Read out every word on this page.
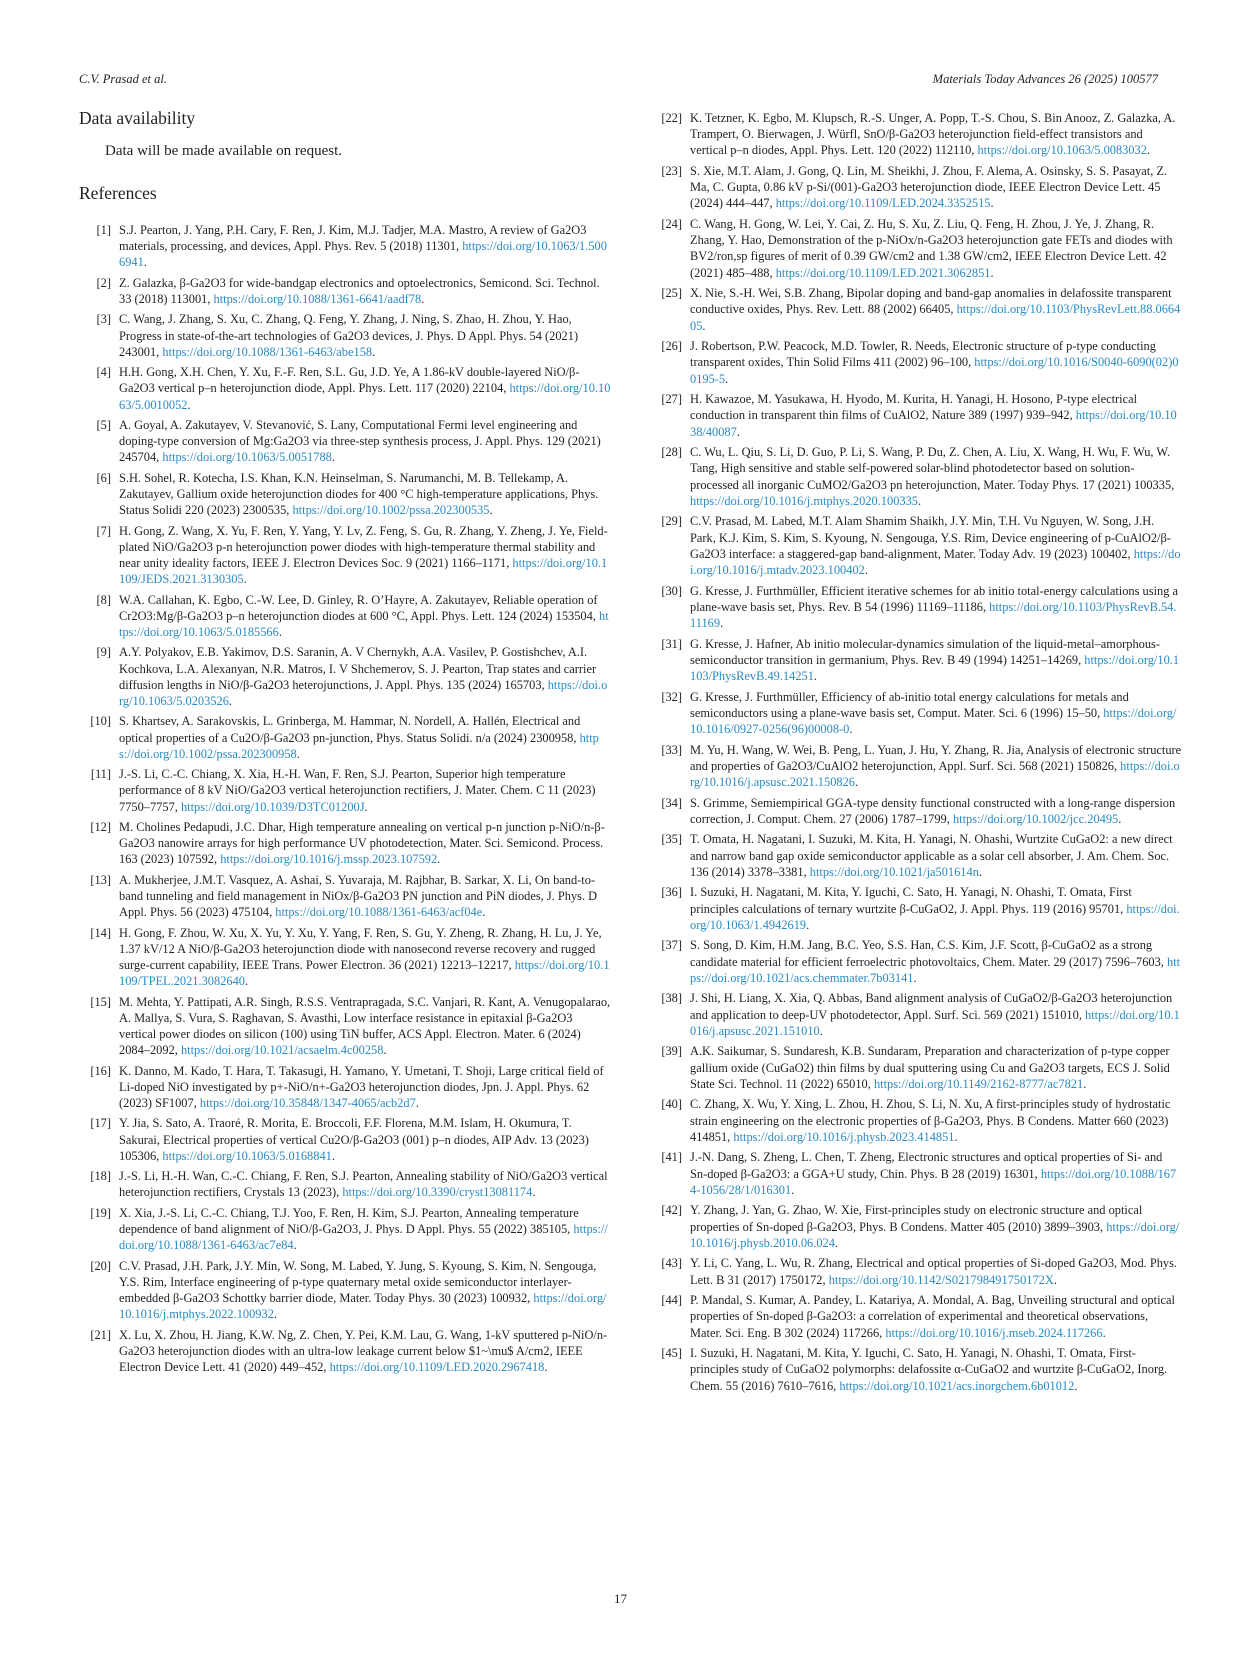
C.V. Prasad et al.	Materials Today Advances 26 (2025) 100577
Data availability

Data will be made available on request.

References
[1] S.J. Pearton, J. Yang, P.H. Cary, F. Ren, J. Kim, M.J. Tadjer, M.A. Mastro, A review of Ga2O3 materials, processing, and devices, Appl. Phys. Rev. 5 (2018) 11301, https://doi.org/10.1063/1.5006941.
[2] Z. Galazka, β-Ga2O3 for wide-bandgap electronics and optoelectronics, Semicond. Sci. Technol. 33 (2018) 113001, https://doi.org/10.1088/1361-6641/aadf78.
[3] C. Wang, J. Zhang, S. Xu, C. Zhang, Q. Feng, Y. Zhang, J. Ning, S. Zhao, H. Zhou, Y. Hao, Progress in state-of-the-art technologies of Ga2O3 devices, J. Phys. D Appl. Phys. 54 (2021) 243001, https://doi.org/10.1088/1361-6463/abe158.
[4] H.H. Gong, X.H. Chen, Y. Xu, F.-F. Ren, S.L. Gu, J.D. Ye, A 1.86-kV double-layered NiO/β-Ga2O3 vertical p–n heterojunction diode, Appl. Phys. Lett. 117 (2020) 22104, https://doi.org/10.1063/5.0010052.
[5] A. Goyal, A. Zakutayev, V. Stevanović, S. Lany, Computational Fermi level engineering and doping-type conversion of Mg:Ga2O3 via three-step synthesis process, J. Appl. Phys. 129 (2021) 245704, https://doi.org/10.1063/5.0051788.
[6] S.H. Sohel, R. Kotecha, I.S. Khan, K.N. Heinselman, S. Narumanchi, M. B. Tellekamp, A. Zakutayev, Gallium oxide heterojunction diodes for 400 °C high-temperature applications, Phys. Status Solidi 220 (2023) 2300535, https://doi.org/10.1002/pssa.202300535.
[7] H. Gong, Z. Wang, X. Yu, F. Ren, Y. Yang, Y. Lv, Z. Feng, S. Gu, R. Zhang, Y. Zheng, J. Ye, Field-plated NiO/Ga2O3 p-n heterojunction power diodes with high-temperature thermal stability and near unity ideality factors, IEEE J. Electron Devices Soc. 9 (2021) 1166–1171, https://doi.org/10.1109/JEDS.2021.3130305.
[8] W.A. Callahan, K. Egbo, C.-W. Lee, D. Ginley, R. O’Hayre, A. Zakutayev, Reliable operation of Cr2O3:Mg/β-Ga2O3 p–n heterojunction diodes at 600 °C, Appl. Phys. Lett. 124 (2024) 153504, https://doi.org/10.1063/5.0185566.
[9] A.Y. Polyakov, E.B. Yakimov, D.S. Saranin, A. V Chernykh, A.A. Vasilev, P. Gostishchev, A.I. Kochkova, L.A. Alexanyan, N.R. Matros, I. V Shchemerov, S. J. Pearton, Trap states and carrier diffusion lengths in NiO/β-Ga2O3 heterojunctions, J. Appl. Phys. 135 (2024) 165703, https://doi.org/10.1063/5.0203526.
[10] S. Khartsev, A. Sarakovskis, L. Grinberga, M. Hammar, N. Nordell, A. Hallén, Electrical and optical properties of a Cu2O/β-Ga2O3 pn-junction, Phys. Status Solidi. n/a (2024) 2300958, https://doi.org/10.1002/pssa.202300958.
[11] J.-S. Li, C.-C. Chiang, X. Xia, H.-H. Wan, F. Ren, S.J. Pearton, Superior high temperature performance of 8 kV NiO/Ga2O3 vertical heterojunction rectifiers, J. Mater. Chem. C 11 (2023) 7750–7757, https://doi.org/10.1039/D3TC01200J.
[12] M. Cholines Pedapudi, J.C. Dhar, High temperature annealing on vertical p-n junction p-NiO/n-β-Ga2O3 nanowire arrays for high performance UV photodetection, Mater. Sci. Semicond. Process. 163 (2023) 107592, https://doi.org/10.1016/j.mssp.2023.107592.
[13] A. Mukherjee, J.M.T. Vasquez, A. Ashai, S. Yuvaraja, M. Rajbhar, B. Sarkar, X. Li, On band-to-band tunneling and field management in NiOx/β-Ga2O3 PN junction and PiN diodes, J. Phys. D Appl. Phys. 56 (2023) 475104, https://doi.org/10.1088/1361-6463/acf04e.
[14] H. Gong, F. Zhou, W. Xu, X. Yu, Y. Xu, Y. Yang, F. Ren, S. Gu, Y. Zheng, R. Zhang, H. Lu, J. Ye, 1.37 kV/12 A NiO/β-Ga2O3 heterojunction diode with nanosecond reverse recovery and rugged surge-current capability, IEEE Trans. Power Electron. 36 (2021) 12213–12217, https://doi.org/10.1109/TPEL.2021.3082640.
[15] M. Mehta, Y. Pattipati, A.R. Singh, R.S.S. Ventrapragada, S.C. Vanjari, R. Kant, A. Venugopalarao, A. Mallya, S. Vura, S. Raghavan, S. Avasthi, Low interface resistance in epitaxial β-Ga2O3 vertical power diodes on silicon (100) using TiN buffer, ACS Appl. Electron. Mater. 6 (2024) 2084–2092, https://doi.org/10.1021/acsaelm.4c00258.
[16] K. Danno, M. Kado, T. Hara, T. Takasugi, H. Yamano, Y. Umetani, T. Shoji, Large critical field of Li-doped NiO investigated by p+-NiO/n+-Ga2O3 heterojunction diodes, Jpn. J. Appl. Phys. 62 (2023) SF1007, https://doi.org/10.35848/1347-4065/acb2d7.
[17] Y. Jia, S. Sato, A. Traoré, R. Morita, E. Broccoli, F.F. Florena, M.M. Islam, H. Okumura, T. Sakurai, Electrical properties of vertical Cu2O/β-Ga2O3 (001) p–n diodes, AIP Adv. 13 (2023) 105306, https://doi.org/10.1063/5.0168841.
[18] J.-S. Li, H.-H. Wan, C.-C. Chiang, F. Ren, S.J. Pearton, Annealing stability of NiO/Ga2O3 vertical heterojunction rectifiers, Crystals 13 (2023), https://doi.org/10.3390/cryst13081174.
[19] X. Xia, J.-S. Li, C.-C. Chiang, T.J. Yoo, F. Ren, H. Kim, S.J. Pearton, Annealing temperature dependence of band alignment of NiO/β-Ga2O3, J. Phys. D Appl. Phys. 55 (2022) 385105, https://doi.org/10.1088/1361-6463/ac7e84.
[20] C.V. Prasad, J.H. Park, J.Y. Min, W. Song, M. Labed, Y. Jung, S. Kyoung, S. Kim, N. Sengouga, Y.S. Rim, Interface engineering of p-type quaternary metal oxide semiconductor interlayer-embedded β-Ga2O3 Schottky barrier diode, Mater. Today Phys. 30 (2023) 100932, https://doi.org/10.1016/j.mtphys.2022.100932.
[21] X. Lu, X. Zhou, H. Jiang, K.W. Ng, Z. Chen, Y. Pei, K.M. Lau, G. Wang, 1-kV sputtered p-NiO/n-Ga2O3 heterojunction diodes with an ultra-low leakage current below $1~\mu$ A/cm2, IEEE Electron Device Lett. 41 (2020) 449–452, https://doi.org/10.1109/LED.2020.2967418.
[22] K. Tetzner, K. Egbo, M. Klupsch, R.-S. Unger, A. Popp, T.-S. Chou, S. Bin Anooz, Z. Galazka, A. Trampert, O. Bierwagen, J. Würfl, SnO/β-Ga2O3 heterojunction field-effect transistors and vertical p–n diodes, Appl. Phys. Lett. 120 (2022) 112110, https://doi.org/10.1063/5.0083032.
[23] S. Xie, M.T. Alam, J. Gong, Q. Lin, M. Sheikhi, J. Zhou, F. Alema, A. Osinsky, S. S. Pasayat, Z. Ma, C. Gupta, 0.86 kV p-Si/(001)-Ga2O3 heterojunction diode, IEEE Electron Device Lett. 45 (2024) 444–447, https://doi.org/10.1109/LED.2024.3352515.
[24] C. Wang, H. Gong, W. Lei, Y. Cai, Z. Hu, S. Xu, Z. Liu, Q. Feng, H. Zhou, J. Ye, J. Zhang, R. Zhang, Y. Hao, Demonstration of the p-NiOx/n-Ga2O3 heterojunction gate FETs and diodes with BV2/ron,sp figures of merit of 0.39 GW/cm2 and 1.38 GW/cm2, IEEE Electron Device Lett. 42 (2021) 485–488, https://doi.org/10.1109/LED.2021.3062851.
[25] X. Nie, S.-H. Wei, S.B. Zhang, Bipolar doping and band-gap anomalies in delafossite transparent conductive oxides, Phys. Rev. Lett. 88 (2002) 66405, https://doi.org/10.1103/PhysRevLett.88.066405.
[26] J. Robertson, P.W. Peacock, M.D. Towler, R. Needs, Electronic structure of p-type conducting transparent oxides, Thin Solid Films 411 (2002) 96–100, https://doi.org/10.1016/S0040-6090(02)00195-5.
[27] H. Kawazoe, M. Yasukawa, H. Hyodo, M. Kurita, H. Yanagi, H. Hosono, P-type electrical conduction in transparent thin films of CuAlO2, Nature 389 (1997) 939–942, https://doi.org/10.1038/40087.
[28] C. Wu, L. Qiu, S. Li, D. Guo, P. Li, S. Wang, P. Du, Z. Chen, A. Liu, X. Wang, H. Wu, F. Wu, W. Tang, High sensitive and stable self-powered solar-blind photodetector based on solution-processed all inorganic CuMO2/Ga2O3 pn heterojunction, Mater. Today Phys. 17 (2021) 100335, https://doi.org/10.1016/j.mtphys.2020.100335.
[29] C.V. Prasad, M. Labed, M.T. Alam Shamim Shaikh, J.Y. Min, T.H. Vu Nguyen, W. Song, J.H. Park, K.J. Kim, S. Kim, S. Kyoung, N. Sengouga, Y.S. Rim, Device engineering of p-CuAlO2/β-Ga2O3 interface: a staggered-gap band-alignment, Mater. Today Adv. 19 (2023) 100402, https://doi.org/10.1016/j.mtadv.2023.100402.
[30] G. Kresse, J. Furthmüller, Efficient iterative schemes for ab initio total-energy calculations using a plane-wave basis set, Phys. Rev. B 54 (1996) 11169–11186, https://doi.org/10.1103/PhysRevB.54.11169.
[31] G. Kresse, J. Hafner, Ab initio molecular-dynamics simulation of the liquid-metal–amorphous-semiconductor transition in germanium, Phys. Rev. B 49 (1994) 14251–14269, https://doi.org/10.1103/PhysRevB.49.14251.
[32] G. Kresse, J. Furthmüller, Efficiency of ab-initio total energy calculations for metals and semiconductors using a plane-wave basis set, Comput. Mater. Sci. 6 (1996) 15–50, https://doi.org/10.1016/0927-0256(96)00008-0.
[33] M. Yu, H. Wang, W. Wei, B. Peng, L. Yuan, J. Hu, Y. Zhang, R. Jia, Analysis of electronic structure and properties of Ga2O3/CuAlO2 heterojunction, Appl. Surf. Sci. 568 (2021) 150826, https://doi.org/10.1016/j.apsusc.2021.150826.
[34] S. Grimme, Semiempirical GGA-type density functional constructed with a long-range dispersion correction, J. Comput. Chem. 27 (2006) 1787–1799, https://doi.org/10.1002/jcc.20495.
[35] T. Omata, H. Nagatani, I. Suzuki, M. Kita, H. Yanagi, N. Ohashi, Wurtzite CuGaO2: a new direct and narrow band gap oxide semiconductor applicable as a solar cell absorber, J. Am. Chem. Soc. 136 (2014) 3378–3381, https://doi.org/10.1021/ja501614n.
[36] I. Suzuki, H. Nagatani, M. Kita, Y. Iguchi, C. Sato, H. Yanagi, N. Ohashi, T. Omata, First principles calculations of ternary wurtzite β-CuGaO2, J. Appl. Phys. 119 (2016) 95701, https://doi.org/10.1063/1.4942619.
[37] S. Song, D. Kim, H.M. Jang, B.C. Yeo, S.S. Han, C.S. Kim, J.F. Scott, β-CuGaO2 as a strong candidate material for efficient ferroelectric photovoltaics, Chem. Mater. 29 (2017) 7596–7603, https://doi.org/10.1021/acs.chemmater.7b03141.
[38] J. Shi, H. Liang, X. Xia, Q. Abbas, Band alignment analysis of CuGaO2/β-Ga2O3 heterojunction and application to deep-UV photodetector, Appl. Surf. Sci. 569 (2021) 151010, https://doi.org/10.1016/j.apsusc.2021.151010.
[39] A.K. Saikumar, S. Sundaresh, K.B. Sundaram, Preparation and characterization of p-type copper gallium oxide (CuGaO2) thin films by dual sputtering using Cu and Ga2O3 targets, ECS J. Solid State Sci. Technol. 11 (2022) 65010, https://doi.org/10.1149/2162-8777/ac7821.
[40] C. Zhang, X. Wu, Y. Xing, L. Zhou, H. Zhou, S. Li, N. Xu, A first-principles study of hydrostatic strain engineering on the electronic properties of β-Ga2O3, Phys. B Condens. Matter 660 (2023) 414851, https://doi.org/10.1016/j.physb.2023.414851.
[41] J.-N. Dang, S. Zheng, L. Chen, T. Zheng, Electronic structures and optical properties of Si- and Sn-doped β-Ga2O3: a GGA+U study, Chin. Phys. B 28 (2019) 16301, https://doi.org/10.1088/1674-1056/28/1/016301.
[42] Y. Zhang, J. Yan, G. Zhao, W. Xie, First-principles study on electronic structure and optical properties of Sn-doped β-Ga2O3, Phys. B Condens. Matter 405 (2010) 3899–3903, https://doi.org/10.1016/j.physb.2010.06.024.
[43] Y. Li, C. Yang, L. Wu, R. Zhang, Electrical and optical properties of Si-doped Ga2O3, Mod. Phys. Lett. B 31 (2017) 1750172, https://doi.org/10.1142/S021798491750172X.
[44] P. Mandal, S. Kumar, A. Pandey, L. Katariya, A. Mondal, A. Bag, Unveiling structural and optical properties of Sn-doped β-Ga2O3: a correlation of experimental and theoretical observations, Mater. Sci. Eng. B 302 (2024) 117266, https://doi.org/10.1016/j.mseb.2024.117266.
[45] I. Suzuki, H. Nagatani, M. Kita, Y. Iguchi, C. Sato, H. Yanagi, N. Ohashi, T. Omata, First-principles study of CuGaO2 polymorphs: delafossite α-CuGaO2 and wurtzite β-CuGaO2, Inorg. Chem. 55 (2016) 7610–7616, https://doi.org/10.1021/acs.inorgchem.6b01012.
17
